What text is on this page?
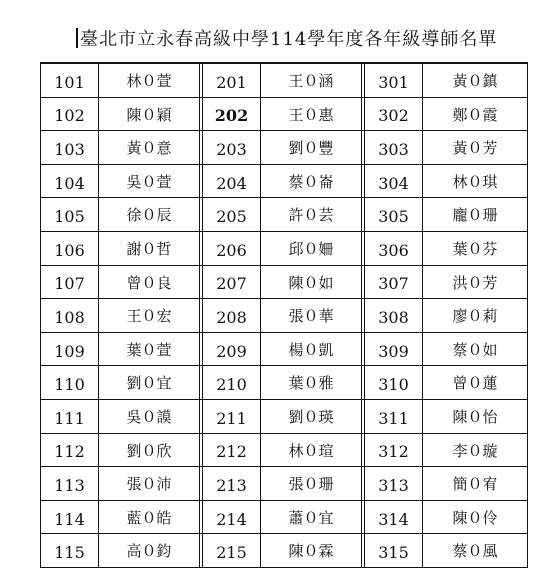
臺北市立永春高級中學114學年度各年級導師名單
101	林０萱	201	王０涵	301	黃０鎮
102	陳０穎	202	王０惠	302	鄭０霞
103	黃０意	203	劉０豐	303	黃０芳
104	吳０萱	204	蔡０崙	304	林０琪
105	徐０辰	205	許０芸	305	龐０珊
106	謝０哲	206	邱０姍	306	葉０芬
107	曾０良	207	陳０如	307	洪０芳
108	王０宏	208	張０華	308	廖０莉
109	葉０萱	209	楊０凱	309	蔡０如
110	劉０宜	210	葉０雅	310	曾０蓮
111	吳０謨	211	劉０瑛	311	陳０怡
112	劉０欣	212	林０瑄	312	李０璇
113	張０沛	213	張０珊	313	簡０宥
114	藍０皓	214	蕭０宜	314	陳０伶
115	高０鈞	215	陳０霖	315	蔡０風
